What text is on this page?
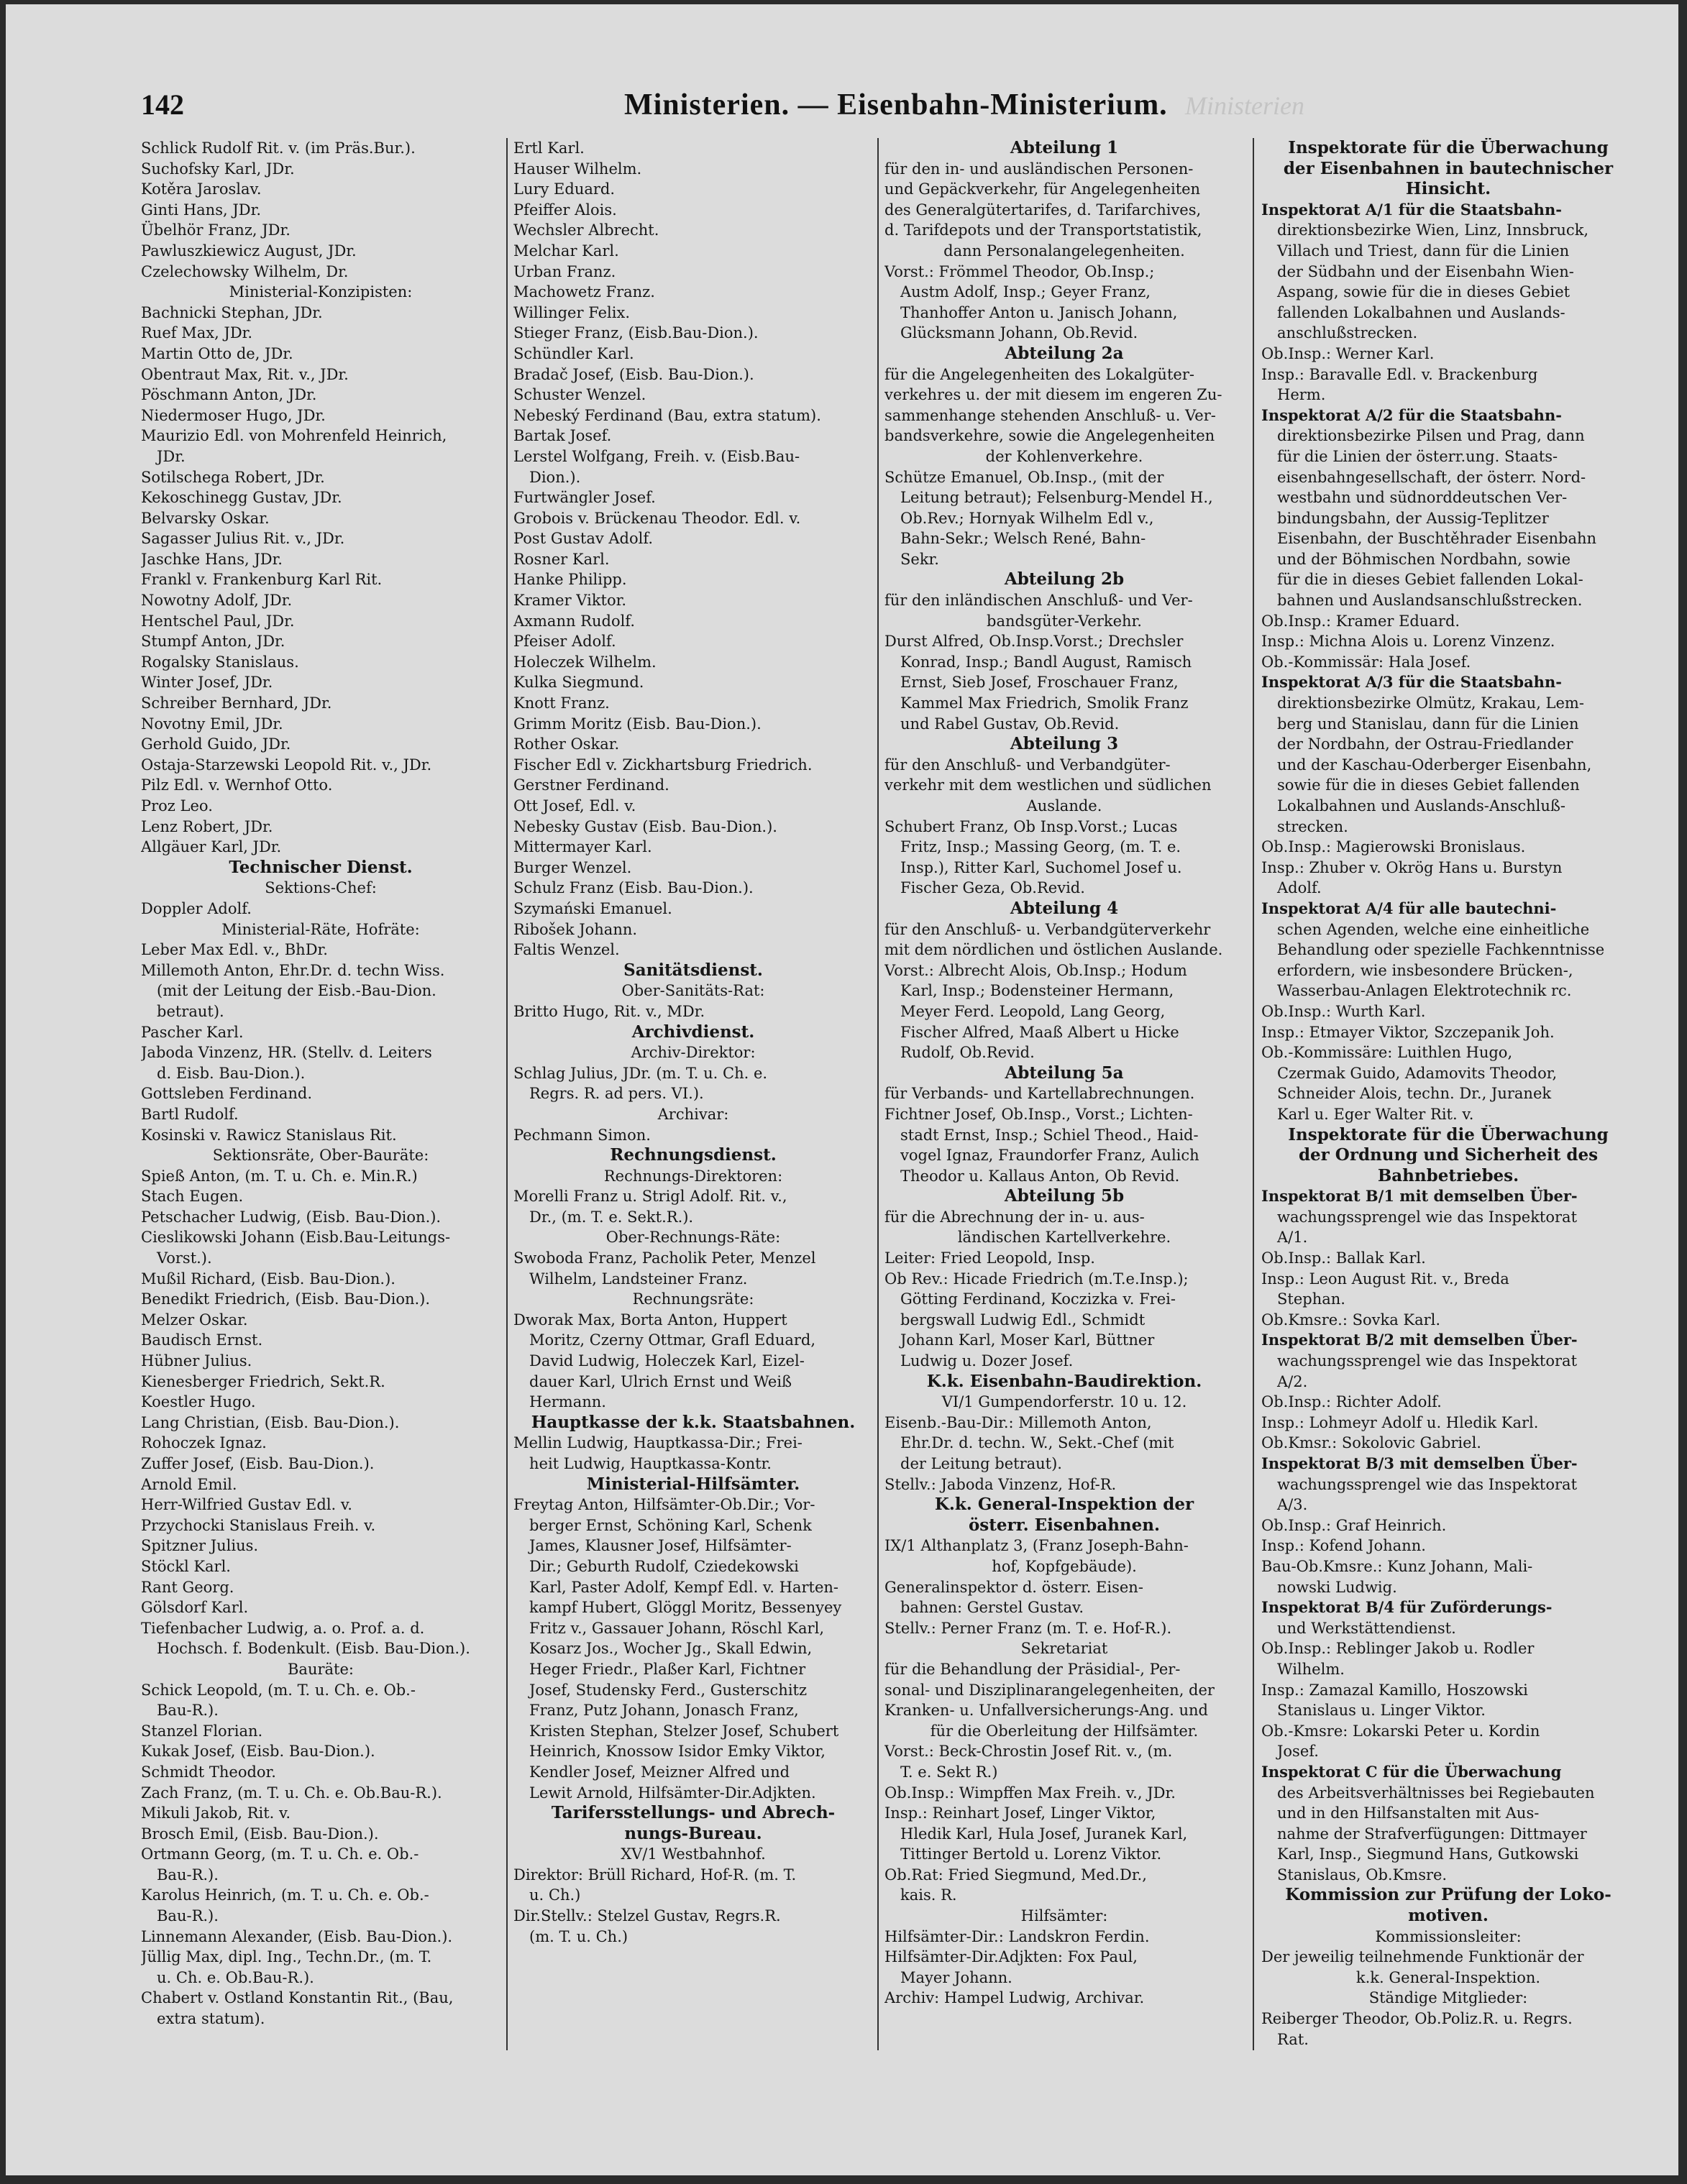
142	Ministerien. — Eisenbahn-Ministerium. Ministerien
Schlick Rudolf Rit. v. (im Präs.Bur.).
Suchofsky Karl, JDr.
Kotěra Jaroslav.
Ginti Hans, JDr.
Übelhör Franz, JDr.
Pawluszkiewicz August, JDr.
Czelechowsky Wilhelm, Dr.
Ministerial-Konzipisten:
Bachnicki Stephan, JDr.
Ruef Max, JDr.
Martin Otto de, JDr.
Obentraut Max, Rit. v., JDr.
Pöschmann Anton, JDr.
Niedermoser Hugo, JDr.
Maurizio Edl. von Mohrenfeld Heinrich,
JDr.
Sotilschega Robert, JDr.
Kekoschinegg Gustav, JDr.
Belvarsky Oskar.
Sagasser Julius Rit. v., JDr.
Jaschke Hans, JDr.
Frankl v. Frankenburg Karl Rit.
Nowotny Adolf, JDr.
Hentschel Paul, JDr.
Stumpf Anton, JDr.
Rogalsky Stanislaus.
Winter Josef, JDr.
Schreiber Bernhard, JDr.
Novotny Emil, JDr.
Gerhold Guido, JDr.
Ostaja-Starzewski Leopold Rit. v., JDr.
Pilz Edl. v. Wernhof Otto.
Proz Leo.
Lenz Robert, JDr.
Allgäuer Karl, JDr.
Technischer Dienst.
Sektions-Chef:
Doppler Adolf.
Ministerial-Räte, Hofräte:
Leber Max Edl. v., BhDr.
Millemoth Anton, Ehr.Dr. d. techn Wiss.
(mit der Leitung der Eisb.-Bau-Dion.
betraut).
Pascher Karl.
Jaboda Vinzenz, HR. (Stellv. d. Leiters
d. Eisb. Bau-Dion.).
Gottsleben Ferdinand.
Bartl Rudolf.
Kosinski v. Rawicz Stanislaus Rit.
Sektionsräte, Ober-Bauräte:
Spieß Anton, (m. T. u. Ch. e. Min.R.)
Stach Eugen.
Petschacher Ludwig, (Eisb. Bau-Dion.).
Cieslikowski Johann (Eisb.Bau-Leitungs-
Vorst.).
Mußil Richard, (Eisb. Bau-Dion.).
Benedikt Friedrich, (Eisb. Bau-Dion.).
Melzer Oskar.
Baudisch Ernst.
Hübner Julius.
Kienesberger Friedrich, Sekt.R.
Koestler Hugo.
Lang Christian, (Eisb. Bau-Dion.).
Rohoczek Ignaz.
Zuffer Josef, (Eisb. Bau-Dion.).
Arnold Emil.
Herr-Wilfried Gustav Edl. v.
Przychocki Stanislaus Freih. v.
Spitzner Julius.
Stöckl Karl.
Rant Georg.
Gölsdorf Karl.
Tiefenbacher Ludwig, a. o. Prof. a. d.
Hochsch. f. Bodenkult. (Eisb. Bau-Dion.).
Bauräte:
Schick Leopold, (m. T. u. Ch. e. Ob.-
Bau-R.).
Stanzel Florian.
Kukak Josef, (Eisb. Bau-Dion.).
Schmidt Theodor.
Zach Franz, (m. T. u. Ch. e. Ob.Bau-R.).
Mikuli Jakob, Rit. v.
Brosch Emil, (Eisb. Bau-Dion.).
Ortmann Georg, (m. T. u. Ch. e. Ob.-
Bau-R.).
Karolus Heinrich, (m. T. u. Ch. e. Ob.-
Bau-R.).
Linnemann Alexander, (Eisb. Bau-Dion.).
Jüllig Max, dipl. Ing., Techn.Dr., (m. T.
u. Ch. e. Ob.Bau-R.).
Chabert v. Ostland Konstantin Rit., (Bau,
extra statum).
Ertl Karl.
Hauser Wilhelm.
Lury Eduard.
Pfeiffer Alois.
Wechsler Albrecht.
Melchar Karl.
Urban Franz.
Machowetz Franz.
Willinger Felix.
Stieger Franz, (Eisb.Bau-Dion.).
Schündler Karl.
Bradač Josef, (Eisb. Bau-Dion.).
Schuster Wenzel.
Nebeský Ferdinand (Bau, extra statum).
Bartak Josef.
Lerstel Wolfgang, Freih. v. (Eisb.Bau-
Dion.).
Furtwängler Josef.
Grobois v. Brückenau Theodor. Edl. v.
Post Gustav Adolf.
Rosner Karl.
Hanke Philipp.
Kramer Viktor.
Axmann Rudolf.
Pfeiser Adolf.
Holeczek Wilhelm.
Kulka Siegmund.
Knott Franz.
Grimm Moritz (Eisb. Bau-Dion.).
Rother Oskar.
Fischer Edl v. Zickhartsburg Friedrich.
Gerstner Ferdinand.
Ott Josef, Edl. v.
Nebesky Gustav (Eisb. Bau-Dion.).
Mittermayer Karl.
Burger Wenzel.
Schulz Franz (Eisb. Bau-Dion.).
Szymański Emanuel.
Ribošek Johann.
Faltis Wenzel.
Sanitätsdienst.
Ober-Sanitäts-Rat:
Britto Hugo, Rit. v., MDr.
Archivdienst.
Archiv-Direktor:
Schlag Julius, JDr. (m. T. u. Ch. e.
Regrs. R. ad pers. VI.).
Archivar:
Pechmann Simon.
Rechnungsdienst.
Rechnungs-Direktoren:
Morelli Franz u. Strigl Adolf. Rit. v.,
Dr., (m. T. e. Sekt.R.).
Ober-Rechnungs-Räte:
Swoboda Franz, Pacholik Peter, Menzel
Wilhelm, Landsteiner Franz.
Rechnungsräte:
Dworak Max, Borta Anton, Huppert
Moritz, Czerny Ottmar, Grafl Eduard,
David Ludwig, Holeczek Karl, Eizel-
dauer Karl, Ulrich Ernst und Weiß
Hermann.
Hauptkasse der k.k. Staatsbahnen.
Mellin Ludwig, Hauptkassa-Dir.; Frei-
heit Ludwig, Hauptkassa-Kontr.
Ministerial-Hilfsämter.
Freytag Anton, Hilfsämter-Ob.Dir.; Vor-
berger Ernst, Schöning Karl, Schenk
James, Klausner Josef, Hilfsämter-
Dir.; Geburth Rudolf, Cziedekowski
Karl, Paster Adolf, Kempf Edl. v. Harten-
kampf Hubert, Glöggl Moritz, Bessenyey
Fritz v., Gassauer Johann, Röschl Karl,
Kosarz Jos., Wocher Jg., Skall Edwin,
Heger Friedr., Plaßer Karl, Fichtner
Josef, Studensky Ferd., Gusterschitz
Franz, Putz Johann, Jonasch Franz,
Kristen Stephan, Stelzer Josef, Schubert
Heinrich, Knossow Isidor Emky Viktor,
Kendler Josef, Meizner Alfred und
Lewit Arnold, Hilfsämter-Dir.Adjkten.
Tarifersstellungs- und Abrech-
nungs-Bureau.
XV/1 Westbahnhof.
Direktor: Brüll Richard, Hof-R. (m. T.
u. Ch.)
Dir.Stellv.: Stelzel Gustav, Regrs.R.
(m. T. u. Ch.)
Abteilung 1
für den in- und ausländischen Personen-
und Gepäckverkehr, für Angelegenheiten
des Generalgütertarifes, d. Tarifarchives,
d. Tarifdepots und der Transportstatistik,
dann Personalangelegenheiten.
Vorst.: Frömmel Theodor, Ob.Insp.;
Austm Adolf, Insp.; Geyer Franz,
Thanhoffer Anton u. Janisch Johann,
Glücksmann Johann, Ob.Revid.
Abteilung 2a
für die Angelegenheiten des Lokalgüter-
verkehres u. der mit diesem im engeren Zu-
sammenhange stehenden Anschluß- u. Ver-
bandsverkehre, sowie die Angelegenheiten
der Kohlenverkehre.
Schütze Emanuel, Ob.Insp., (mit der
Leitung betraut); Felsenburg-Mendel H.,
Ob.Rev.; Hornyak Wilhelm Edl v.,
Bahn-Sekr.; Welsch René, Bahn-
Sekr.
Abteilung 2b
für den inländischen Anschluß- und Ver-
bandsgüter-Verkehr.
Durst Alfred, Ob.Insp.Vorst.; Drechsler
Konrad, Insp.; Bandl August, Ramisch
Ernst, Sieb Josef, Froschauer Franz,
Kammel Max Friedrich, Smolik Franz
und Rabel Gustav, Ob.Revid.
Abteilung 3
für den Anschluß- und Verbandgüter-
verkehr mit dem westlichen und südlichen
Auslande.
Schubert Franz, Ob Insp.Vorst.; Lucas
Fritz, Insp.; Massing Georg, (m. T. e.
Insp.), Ritter Karl, Suchomel Josef u.
Fischer Geza, Ob.Revid.
Abteilung 4
für den Anschluß- u. Verbandgüterverkehr
mit dem nördlichen und östlichen Auslande.
Vorst.: Albrecht Alois, Ob.Insp.; Hodum
Karl, Insp.; Bodensteiner Hermann,
Meyer Ferd. Leopold, Lang Georg,
Fischer Alfred, Maaß Albert u Hicke
Rudolf, Ob.Revid.
Abteilung 5a
für Verbands- und Kartellabrechnungen.
Fichtner Josef, Ob.Insp., Vorst.; Lichten-
stadt Ernst, Insp.; Schiel Theod., Haid-
vogel Ignaz, Fraundorfer Franz, Aulich
Theodor u. Kallaus Anton, Ob Revid.
Abteilung 5b
für die Abrechnung der in- u. aus-
ländischen Kartellverkehre.
Leiter: Fried Leopold, Insp.
Ob Rev.: Hicade Friedrich (m.T.e.Insp.);
Götting Ferdinand, Koczizka v. Frei-
bergswall Ludwig Edl., Schmidt
Johann Karl, Moser Karl, Büttner
Ludwig u. Dozer Josef.
K.k. Eisenbahn-Baudirektion.
VI/1 Gumpendorferstr. 10 u. 12.
Eisenb.-Bau-Dir.: Millemoth Anton,
Ehr.Dr. d. techn. W., Sekt.-Chef (mit
der Leitung betraut).
Stellv.: Jaboda Vinzenz, Hof-R.
K.k. General-Inspektion der
österr. Eisenbahnen.
IX/1 Althanplatz 3, (Franz Joseph-Bahn-
hof, Kopfgebäude).
Generalinspektor d. österr. Eisen-
bahnen: Gerstel Gustav.
Stellv.: Perner Franz (m. T. e. Hof-R.).
Sekretariat
für die Behandlung der Präsidial-, Per-
sonal- und Disziplinarangelegenheiten, der
Kranken- u. Unfallversicherungs-Ang. und
für die Oberleitung der Hilfsämter.
Vorst.: Beck-Chrostin Josef Rit. v., (m.
T. e. Sekt R.)
Ob.Insp.: Wimpffen Max Freih. v., JDr.
Insp.: Reinhart Josef, Linger Viktor,
Hledik Karl, Hula Josef, Juranek Karl,
Tittinger Bertold u. Lorenz Viktor.
Ob.Rat: Fried Siegmund, Med.Dr.,
kais. R.
Hilfsämter:
Hilfsämter-Dir.: Landskron Ferdin.
Hilfsämter-Dir.Adjkten: Fox Paul,
Mayer Johann.
Archiv: Hampel Ludwig, Archivar.
Inspektorate für die Überwachung
der Eisenbahnen in bautechnischer
Hinsicht.
Inspektorat A/1 für die Staatsbahn-
direktionsbezirke Wien, Linz, Innsbruck,
Villach und Triest, dann für die Linien
der Südbahn und der Eisenbahn Wien-
Aspang, sowie für die in dieses Gebiet
fallenden Lokalbahnen und Auslands-
anschlußstrecken.
Ob.Insp.: Werner Karl.
Insp.: Baravalle Edl. v. Brackenburg
Herm.
Inspektorat A/2 für die Staatsbahn-
direktionsbezirke Pilsen und Prag, dann
für die Linien der österr.ung. Staats-
eisenbahngesellschaft, der österr. Nord-
westbahn und südnorddeutschen Ver-
bindungsbahn, der Aussig-Teplitzer
Eisenbahn, der Buschtěhrader Eisenbahn
und der Böhmischen Nordbahn, sowie
für die in dieses Gebiet fallenden Lokal-
bahnen und Auslandsanschlußstrecken.
Ob.Insp.: Kramer Eduard.
Insp.: Michna Alois u. Lorenz Vinzenz.
Ob.-Kommissär: Hala Josef.
Inspektorat A/3 für die Staatsbahn-
direktionsbezirke Olmütz, Krakau, Lem-
berg und Stanislau, dann für die Linien
der Nordbahn, der Ostrau-Friedlander
und der Kaschau-Oderberger Eisenbahn,
sowie für die in dieses Gebiet fallenden
Lokalbahnen und Auslands-Anschluß-
strecken.
Ob.Insp.: Magierowski Bronislaus.
Insp.: Zhuber v. Okrög Hans u. Burstyn
Adolf.
Inspektorat A/4 für alle bautechni-
schen Agenden, welche eine einheitliche
Behandlung oder spezielle Fachkenntnisse
erfordern, wie insbesondere Brücken-,
Wasserbau-Anlagen Elektrotechnik rc.
Ob.Insp.: Wurth Karl.
Insp.: Etmayer Viktor, Szczepanik Joh.
Ob.-Kommissäre: Luithlen Hugo,
Czermak Guido, Adamovits Theodor,
Schneider Alois, techn. Dr., Juranek
Karl u. Eger Walter Rit. v.
Inspektorate für die Überwachung
der Ordnung und Sicherheit des
Bahnbetriebes.
Inspektorat B/1 mit demselben Über-
wachungssprengel wie das Inspektorat
A/1.
Ob.Insp.: Ballak Karl.
Insp.: Leon August Rit. v., Breda
Stephan.
Ob.Kmsre.: Sovka Karl.
Inspektorat B/2 mit demselben Über-
wachungssprengel wie das Inspektorat
A/2.
Ob.Insp.: Richter Adolf.
Insp.: Lohmeyr Adolf u. Hledik Karl.
Ob.Kmsr.: Sokolovic Gabriel.
Inspektorat B/3 mit demselben Über-
wachungssprengel wie das Inspektorat
A/3.
Ob.Insp.: Graf Heinrich.
Insp.: Kofend Johann.
Bau-Ob.Kmsre.: Kunz Johann, Mali-
nowski Ludwig.
Inspektorat B/4 für Zuförderungs-
und Werkstättendienst.
Ob.Insp.: Reblinger Jakob u. Rodler
Wilhelm.
Insp.: Zamazal Kamillo, Hoszowski
Stanislaus u. Linger Viktor.
Ob.-Kmsre: Lokarski Peter u. Kordin
Josef.
Inspektorat C für die Überwachung
des Arbeitsverhältnisses bei Regiebauten
und in den Hilfsanstalten mit Aus-
nahme der Strafverfügungen: Dittmayer
Karl, Insp., Siegmund Hans, Gutkowski
Stanislaus, Ob.Kmsre.
Kommission zur Prüfung der Loko-
motiven.
Kommissionsleiter:
Der jeweilig teilnehmende Funktionär der
k.k. General-Inspektion.
Ständige Mitglieder:
Reiberger Theodor, Ob.Poliz.R. u. Regrs.
Rat.
